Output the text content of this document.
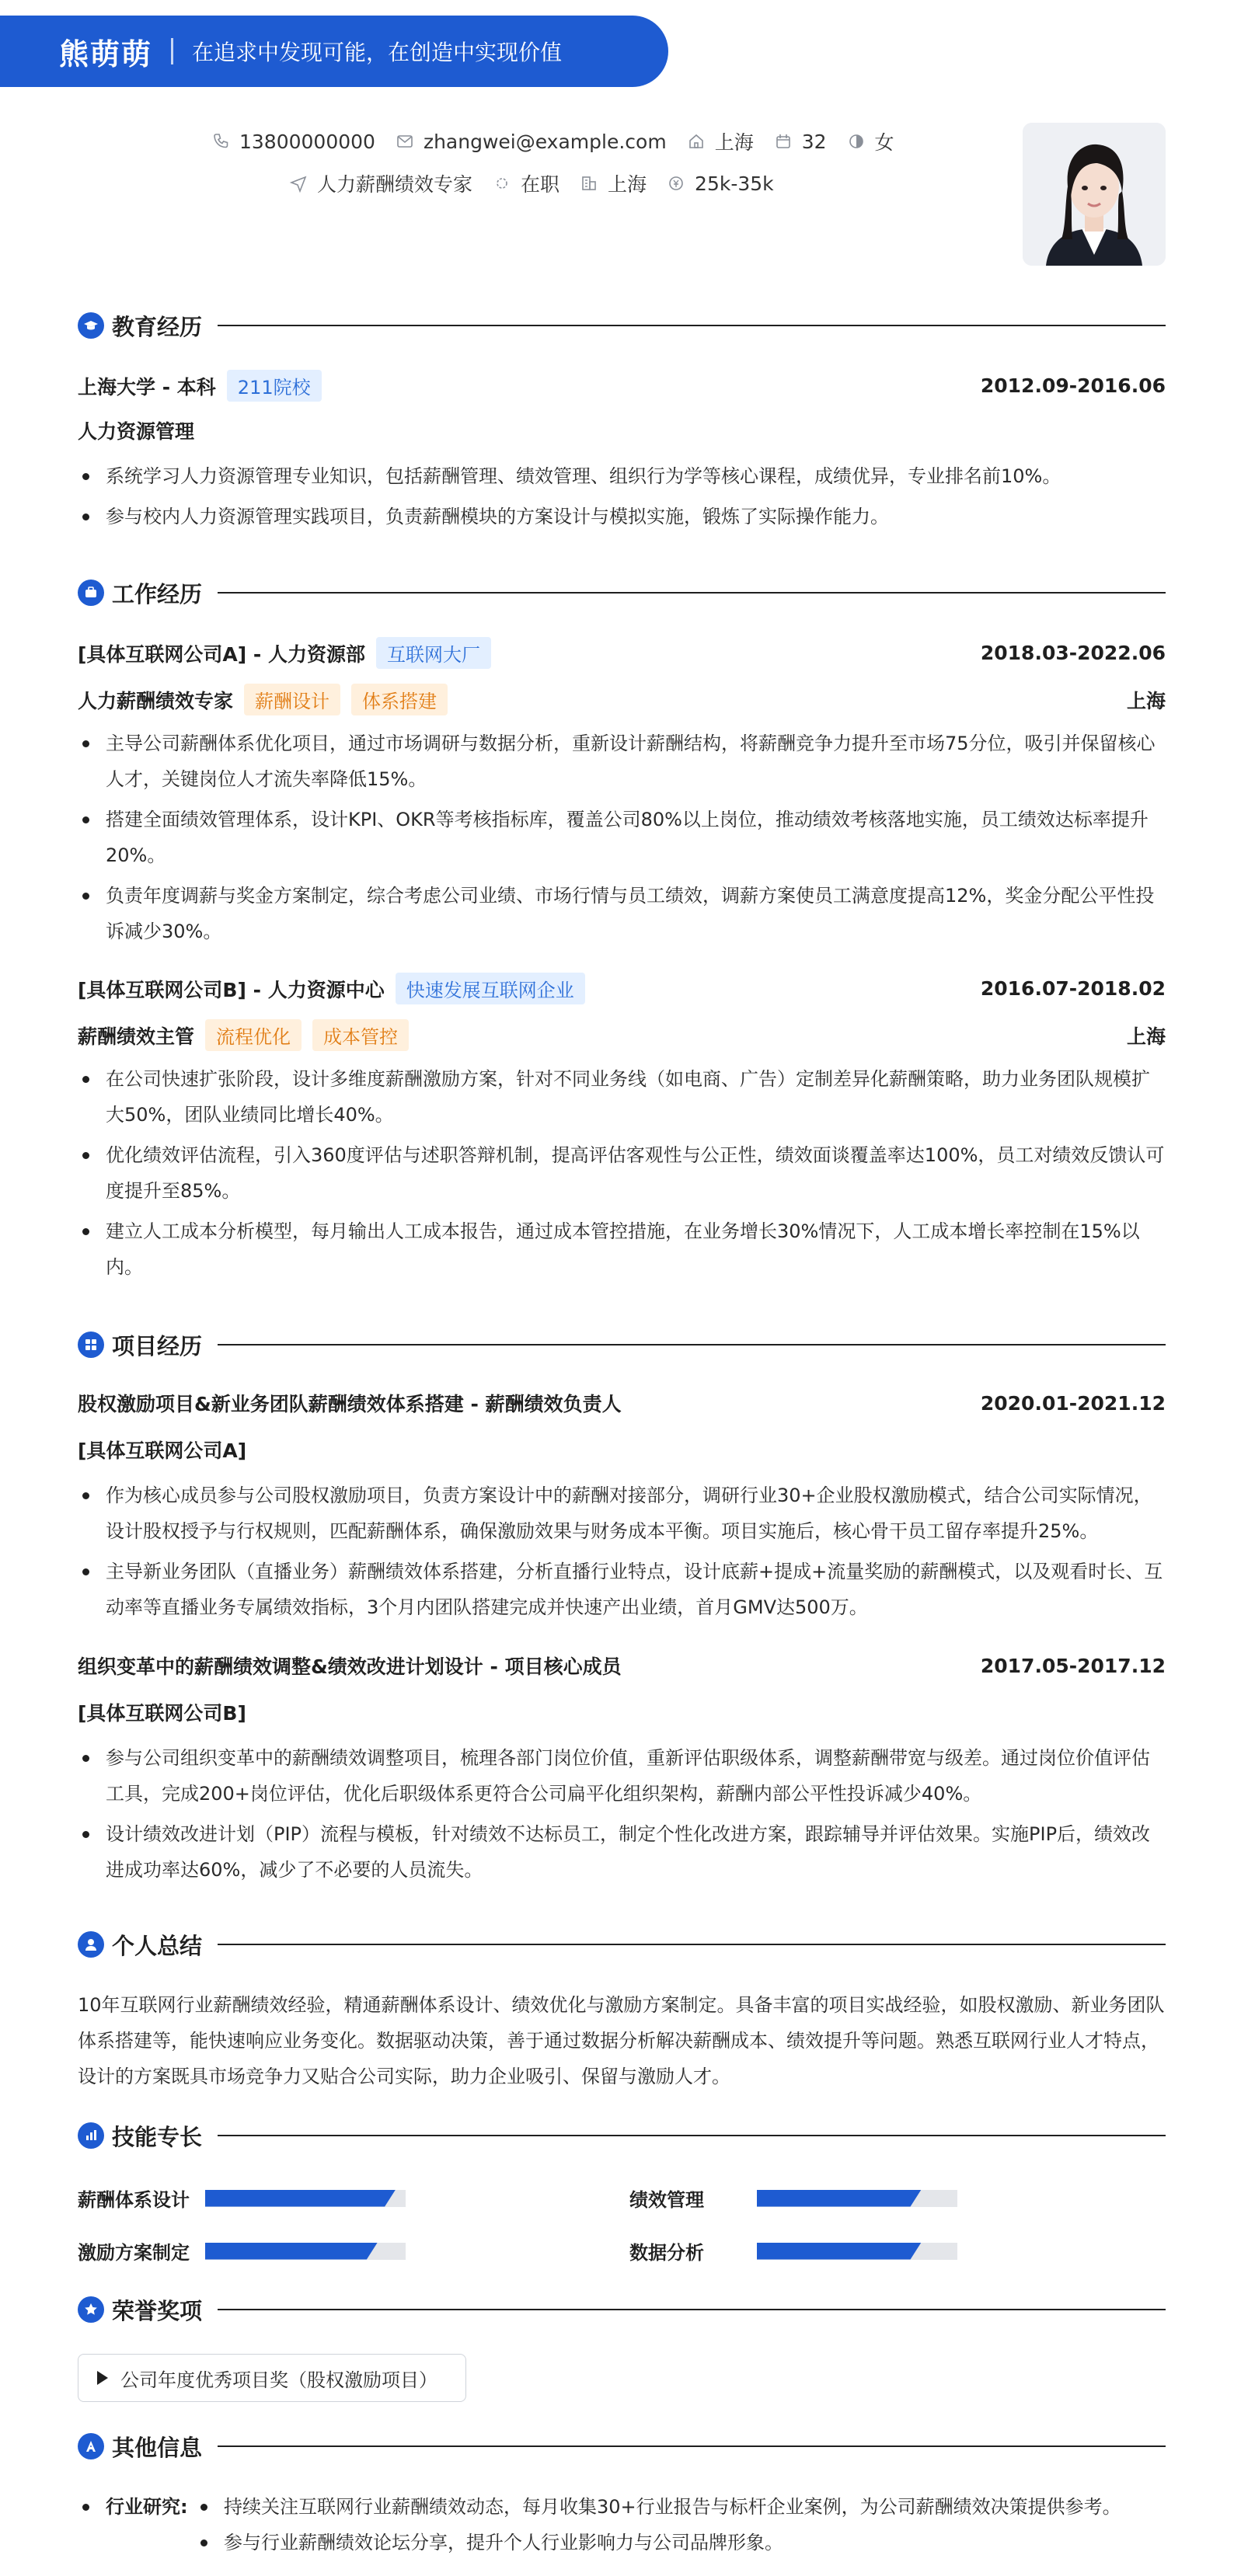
熊萌萌 在追求中发现可能，在创造中实现价值
13800000000 zhangwei@example.com 上海 32 女
人力薪酬绩效专家 在职 上海 25k-35k
教育经历
上海大学 - 本科	211院校	2012.09-2016.06
人力资源管理
系统学习人力资源管理专业知识，包括薪酬管理、绩效管理、组织行为学等核心课程，成绩优异，专业排名前10%。
参与校内人力资源管理实践项目，负责薪酬模块的方案设计与模拟实施，锻炼了实际操作能力。
工作经历
[具体互联网公司A] - 人力资源部	互联网大厂	2018.03-2022.06
人力薪酬绩效专家	薪酬设计	体系搭建	上海
主导公司薪酬体系优化项目，通过市场调研与数据分析，重新设计薪酬结构，将薪酬竞争力提升至市场75分位，吸引并保留核心人才，关键岗位人才流失率降低15%。
搭建全面绩效管理体系，设计KPI、OKR等考核指标库，覆盖公司80%以上岗位，推动绩效考核落地实施，员工绩效达标率提升20%。
负责年度调薪与奖金方案制定，综合考虑公司业绩、市场行情与员工绩效，调薪方案使员工满意度提高12%，奖金分配公平性投诉减少30%。
[具体互联网公司B] - 人力资源中心	快速发展互联网企业	2016.07-2018.02
薪酬绩效主管	流程优化	成本管控	上海
在公司快速扩张阶段，设计多维度薪酬激励方案，针对不同业务线（如电商、广告）定制差异化薪酬策略，助力业务团队规模扩大50%，团队业绩同比增长40%。
优化绩效评估流程，引入360度评估与述职答辩机制，提高评估客观性与公正性，绩效面谈覆盖率达100%，员工对绩效反馈认可度提升至85%。
建立人工成本分析模型，每月输出人工成本报告，通过成本管控措施，在业务增长30%情况下，人工成本增长率控制在15%以内。
项目经历
股权激励项目&新业务团队薪酬绩效体系搭建 - 薪酬绩效负责人	2020.01-2021.12
[具体互联网公司A]
作为核心成员参与公司股权激励项目，负责方案设计中的薪酬对接部分，调研行业30+企业股权激励模式，结合公司实际情况，设计股权授予与行权规则，匹配薪酬体系，确保激励效果与财务成本平衡。项目实施后，核心骨干员工留存率提升25%。
主导新业务团队（直播业务）薪酬绩效体系搭建，分析直播行业特点，设计底薪+提成+流量奖励的薪酬模式，以及观看时长、互动率等直播业务专属绩效指标，3个月内团队搭建完成并快速产出业绩，首月GMV达500万。
组织变革中的薪酬绩效调整&绩效改进计划设计 - 项目核心成员	2017.05-2017.12
[具体互联网公司B]
参与公司组织变革中的薪酬绩效调整项目，梳理各部门岗位价值，重新评估职级体系，调整薪酬带宽与级差。通过岗位价值评估工具，完成200+岗位评估，优化后职级体系更符合公司扁平化组织架构，薪酬内部公平性投诉减少40%。
设计绩效改进计划（PIP）流程与模板，针对绩效不达标员工，制定个性化改进方案，跟踪辅导并评估效果。实施PIP后，绩效改进成功率达60%，减少了不必要的人员流失。
个人总结
10年互联网行业薪酬绩效经验，精通薪酬体系设计、绩效优化与激励方案制定。具备丰富的项目实战经验，如股权激励、新业务团队体系搭建等，能快速响应业务变化。数据驱动决策，善于通过数据分析解决薪酬成本、绩效提升等问题。熟悉互联网行业人才特点，设计的方案既具市场竞争力又贴合公司实际，助力企业吸引、保留与激励人才。
技能专长
薪酬体系设计	绩效管理
激励方案制定	数据分析
荣誉奖项
公司年度优秀项目奖（股权激励项目）
其他信息
行业研究:	持续关注互联网行业薪酬绩效动态，每月收集30+行业报告与标杆企业案例，为公司薪酬绩效决策提供参考。
参与行业薪酬绩效论坛分享，提升个人行业影响力与公司品牌形象。
